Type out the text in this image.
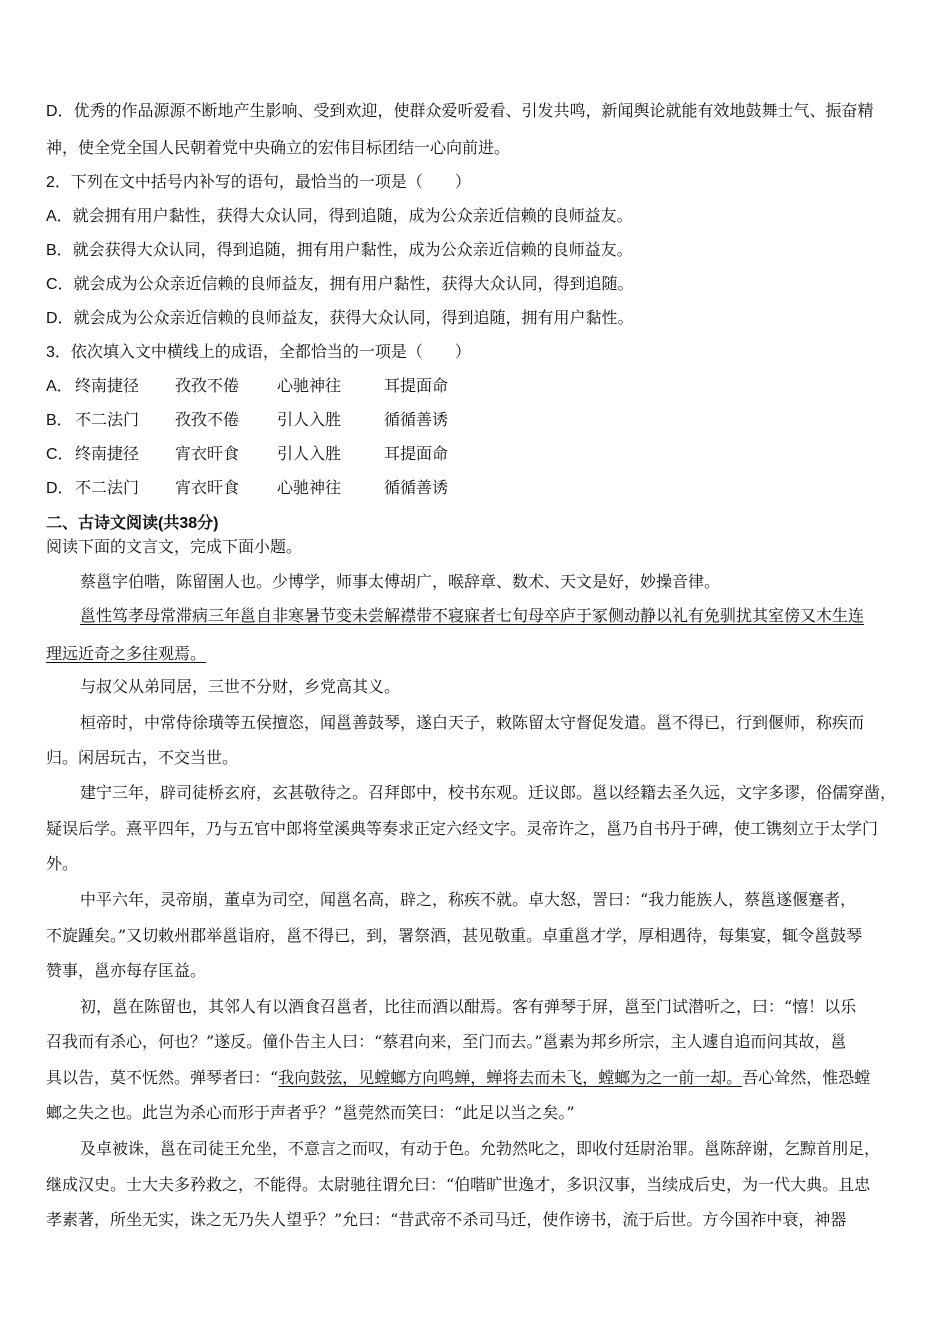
D．优秀的作品源源不断地产生影响、受到欢迎，使群众爱听爱看、引发共鸣，新闻舆论就能有效地鼓舞士气、振奋精
神，使全党全国人民朝着党中央确立的宏伟目标团结一心向前进。
2．下列在文中括号内补写的语句，最恰当的一项是（　　）
A．就会拥有用户黏性，获得大众认同，得到追随，成为公众亲近信赖的良师益友。
B．就会获得大众认同，得到追随，拥有用户黏性，成为公众亲近信赖的良师益友。
C．就会成为公众亲近信赖的良师益友，拥有用户黏性，获得大众认同，得到追随。
D．就会成为公众亲近信赖的良师益友，获得大众认同，得到追随，拥有用户黏性。
3．依次填入文中横线上的成语，全都恰当的一项是（　　）
A． 终南捷径 孜孜不倦 心驰神往	耳提面命
B． 不二法门 孜孜不倦 引人入胜	循循善诱
C． 终南捷径 宵衣旰食 引人入胜	耳提面命
D． 不二法门 宵衣旰食 心驰神往	循循善诱
二、古诗文阅读(共38分)
阅读下面的文言文，完成下面小题。
蔡邕字伯喈，陈留圉人也。少博学，师事太傅胡广，喉辞章、数术、天文是好，妙操音律。
邕性笃孝母常滞病三年邕自非寒暑节变未尝解襟带不寝寐者七旬母卒庐于冢侧动静以礼有免驯扰其室傍又木生连
理远近奇之多往观焉。
与叔父从弟同居，三世不分财，乡党高其义。
桓帝时，中常侍徐璜等五侯擅恣，闻邕善鼓琴，遂白天子，敕陈留太守督促发遣。邕不得已，行到偃师，称疾而
归。闲居玩古，不交当世。
建宁三年，辟司徒桥玄府，玄甚敬待之。召拜郎中，校书东观。迁议郎。邕以经籍去圣久远，文字多谬，俗儒穿凿，
疑误后学。熹平四年，乃与五官中郎将堂溪典等奏求正定六经文字。灵帝许之，邕乃自书丹于碑，使工镌刻立于太学门
外。
中平六年，灵帝崩，董卓为司空，闻邕名高，辟之，称疾不就。卓大怒，詈曰：“我力能族人，蔡邕遂偃蹇者，
不旋踵矣。”又切敕州郡举邕诣府，邕不得已，到，署祭酒，甚见敬重。卓重邕才学，厚相遇待，每集宴，辄令邕鼓琴
赞事，邕亦每存匡益。
初，邕在陈留也，其邻人有以酒食召邕者，比往而酒以酣焉。客有弹琴于屏，邕至门试潜听之，曰：“憘！以乐
召我而有杀心，何也？”遂反。僮仆告主人曰：“蔡君向来，至门而去。”邕素为邦乡所宗，主人遽自追而问其故，邕
具以告，莫不怃然。弹琴者曰：“我向鼓弦，见螳螂方向鸣蝉，蝉将去而未飞，螳螂为之一前一却。吾心耸然，惟恐螳
螂之失之也。此岂为杀心而形于声者乎？”邕莞然而笑曰：“此足以当之矣。”
及卓被诛，邕在司徒王允坐，不意言之而叹，有动于色。允勃然叱之，即收付廷尉治罪。邕陈辞谢，乞黥首刖足，
继成汉史。士大夫多矜救之，不能得。太尉驰往谓允曰：“伯喈旷世逸才，多识汉事，当续成后史，为一代大典。且忠
孝素著，所坐无实，诛之无乃失人望乎？”允曰：“昔武帝不杀司马迁，使作谤书，流于后世。方今国祚中衰，神器
